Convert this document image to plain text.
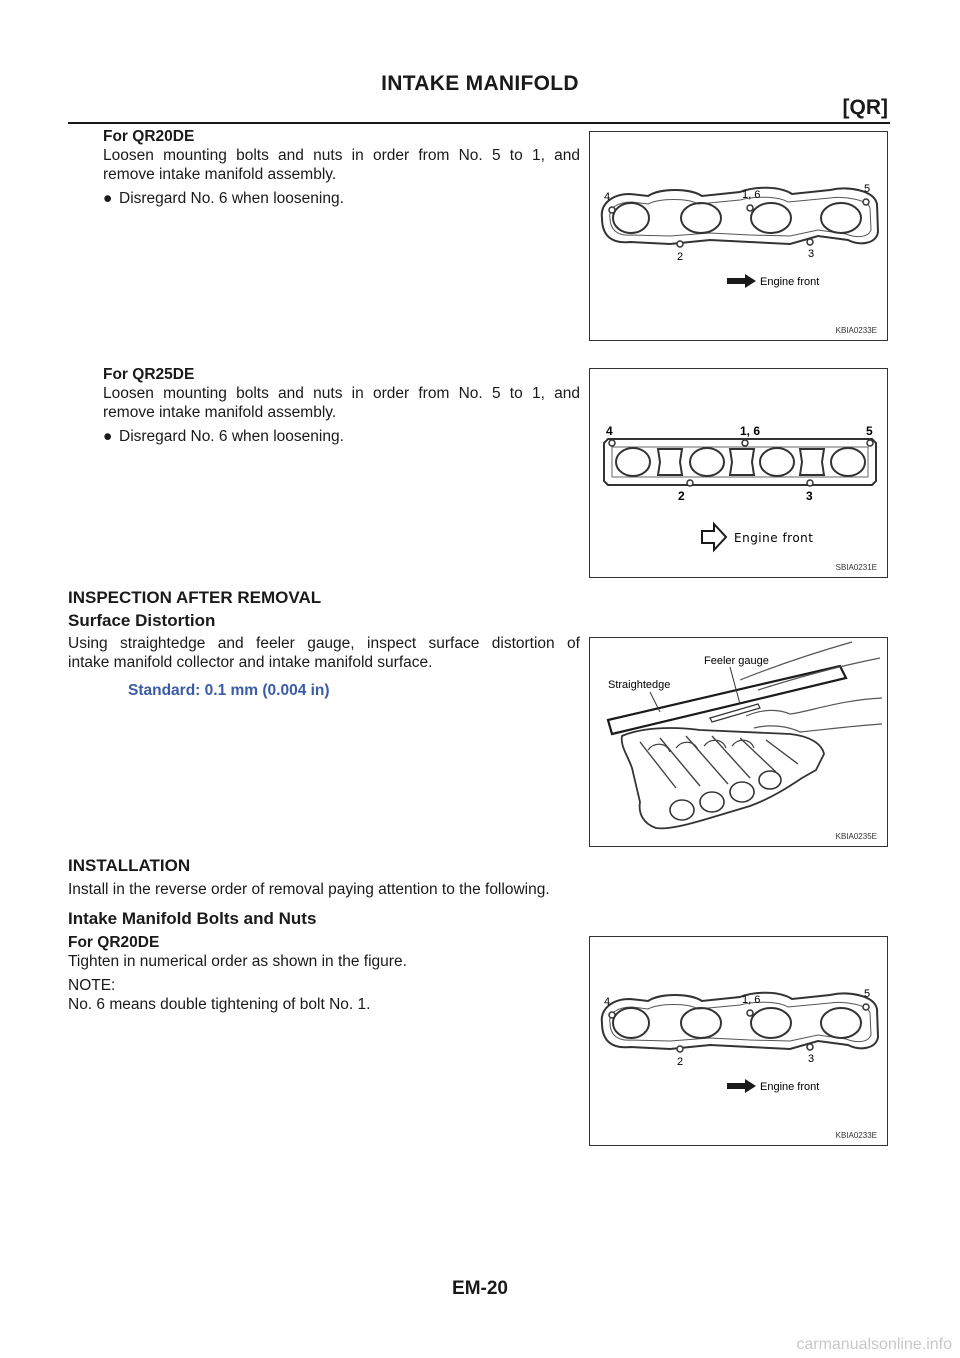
INTAKE MANIFOLD
[QR]
For QR20DE
Loosen mounting bolts and nuts in order from No. 5 to 1, and
remove intake manifold assembly.
● Disregard No. 6 when loosening.	4	1, 6	5
2	3
Engine front
KBIA0233E
For QR25DE
Loosen mounting bolts and nuts in order from No. 5 to 1, and
remove intake manifold assembly.
● Disregard No. 6 when loosening.	4	1, 6	5
2	3
Engine front
SBIA0231E
INSPECTION AFTER REMOVAL
Surface Distortion
Using straightedge and feeler gauge, inspect surface distortion of
intake manifold collector and intake manifold surface.
Standard: 0.1 mm (0.004 in)
Feeler gauge
Straightedge
KBIA0235E
INSTALLATION
Install in the reverse order of removal paying attention to the following.
Intake Manifold Bolts and Nuts
For QR20DE
Tighten in numerical order as shown in the figure.
NOTE:
No. 6 means double tightening of bolt No. 1.	4	1, 6	5
2	3
Engine front
KBIA0233E
EM-20
carmanualsonline.info
